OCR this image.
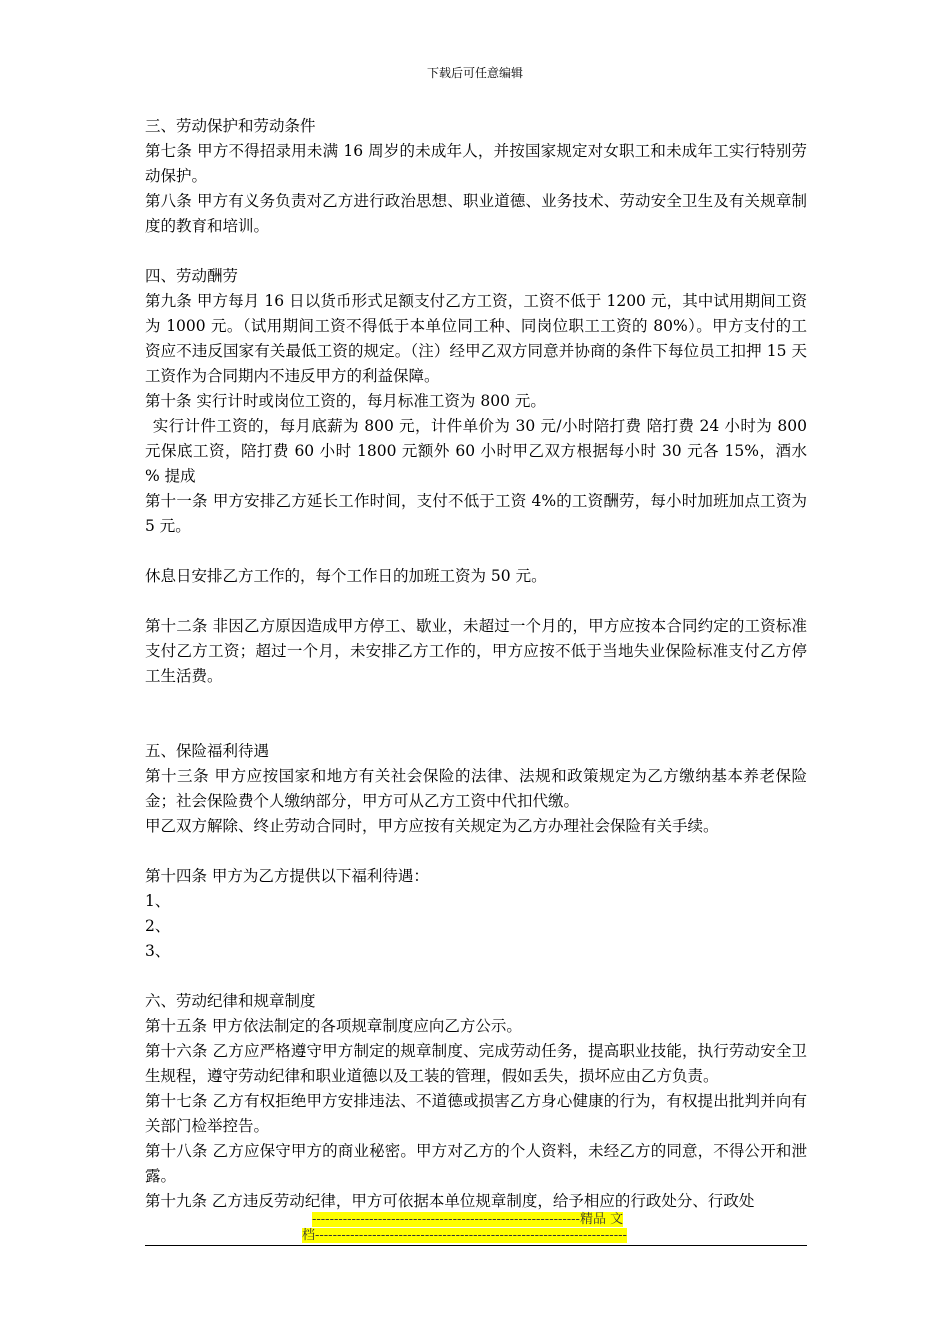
下载后可任意编辑

三、劳动保护和劳动条件

第七条 甲方不得招录用未满 16 周岁的未成年人，并按国家规定对女职工和未成年工实行特别劳动保护。

第八条 甲方有义务负责对乙方进行政治思想、职业道德、业务技术、劳动安全卫生及有关规章制度的教育和培训。

四、劳动酬劳

第九条 甲方每月 16 日以货币形式足额支付乙方工资，工资不低于 1200 元，其中试用期间工资为 1000 元。（试用期间工资不得低于本单位同工种、同岗位职工工资的 80%）。甲方支付的工资应不违反国家有关最低工资的规定。（注）经甲乙双方同意并协商的条件下每位员工扣押 15 天工资作为合同期内不违反甲方的利益保障。

第十条 实行计时或岗位工资的，每月标准工资为 800 元。

实行计件工资的，每月底薪为 800 元，计件单价为 30 元/小时陪打费 陪打费 24 小时为 800 元保底工资，陪打费 60 小时 1800 元额外 60 小时甲乙双方根据每小时 30 元各 15%，酒水 % 提成

第十一条 甲方安排乙方延长工作时间，支付不低于工资 4%的工资酬劳，每小时加班加点工资为 5 元。

休息日安排乙方工作的，每个工作日的加班工资为 50 元。

第十二条 非因乙方原因造成甲方停工、歇业，未超过一个月的，甲方应按本合同约定的工资标准支付乙方工资；超过一个月，未安排乙方工作的，甲方应按不低于当地失业保险标准支付乙方停工生活费。

五、保险福利待遇

第十三条 甲方应按国家和地方有关社会保险的法律、法规和政策规定为乙方缴纳基本养老保险金；社会保险费个人缴纳部分，甲方可从乙方工资中代扣代缴。

甲乙双方解除、终止劳动合同时，甲方应按有关规定为乙方办理社会保险有关手续。

第十四条 甲方为乙方提供以下福利待遇：

1、

2、

3、

六、劳动纪律和规章制度

第十五条 甲方依法制定的各项规章制度应向乙方公示。

第十六条 乙方应严格遵守甲方制定的规章制度、完成劳动任务，提高职业技能，执行劳动安全卫生规程，遵守劳动纪律和职业道德以及工装的管理，假如丢失，损坏应由乙方负责。

第十七条 乙方有权拒绝甲方安排违法、不道德或损害乙方身心健康的行为，有权提出批判并向有关部门检举控告。

第十八条 乙方应保守甲方的商业秘密。甲方对乙方的个人资料，未经乙方的同意，不得公开和泄露。

第十九条 乙方违反劳动纪律，甲方可依据本单位规章制度，给予相应的行政处分、行政处

-------------------------------------------------------------精品 文
档-----------------------------------------------------------------------
